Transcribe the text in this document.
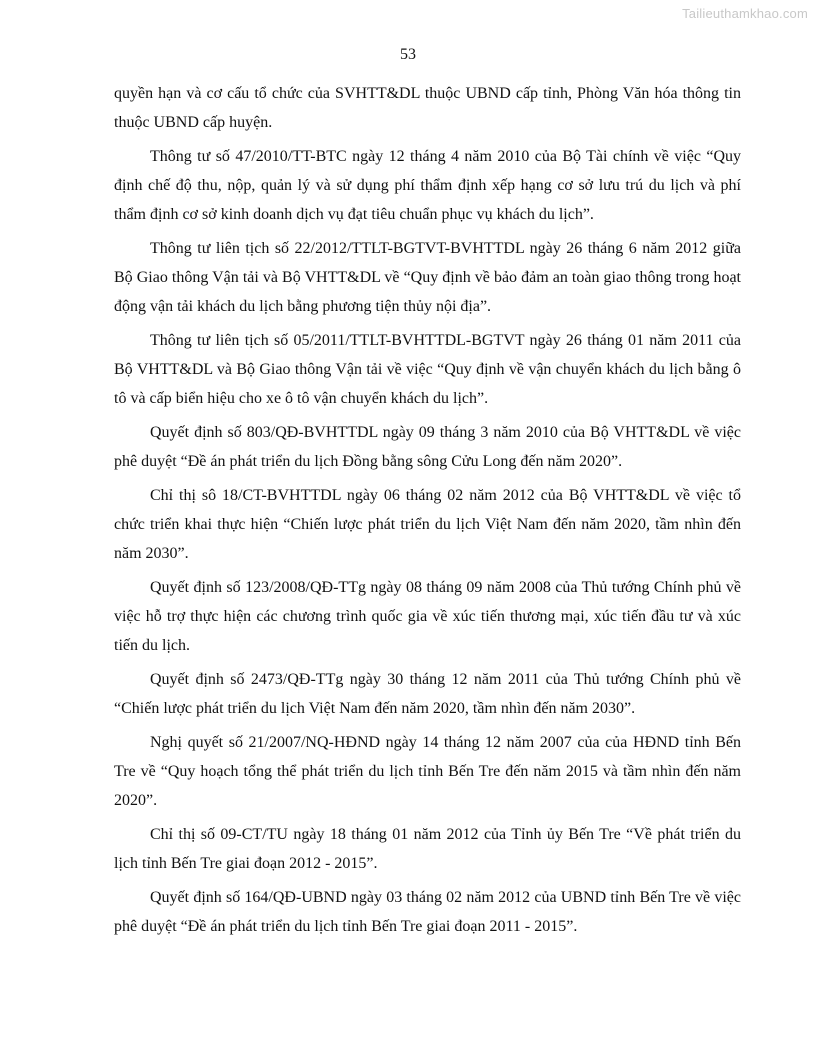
Tailieuthamkhao.com
53

quyền hạn và cơ cấu tổ chức của SVHTT&DL thuộc UBND cấp tỉnh, Phòng Văn hóa thông tin thuộc UBND cấp huyện.

Thông tư số 47/2010/TT-BTC ngày 12 tháng 4 năm 2010 của Bộ Tài chính về việc “Quy định chế độ thu, nộp, quản lý và sử dụng phí thẩm định xếp hạng cơ sở lưu trú du lịch và phí thẩm định cơ sở kinh doanh dịch vụ đạt tiêu chuẩn phục vụ khách du lịch”.

Thông tư liên tịch số 22/2012/TTLT-BGTVT-BVHTTDL ngày 26 tháng 6 năm 2012 giữa Bộ Giao thông Vận tải và Bộ VHTT&DL về “Quy định về bảo đảm an toàn giao thông trong hoạt động vận tải khách du lịch bằng phương tiện thủy nội địa”.

Thông tư liên tịch số 05/2011/TTLT-BVHTTDL-BGTVT ngày 26 tháng 01 năm 2011 của Bộ VHTT&DL và Bộ Giao thông Vận tải về việc “Quy định về vận chuyển khách du lịch bằng ô tô và cấp biển hiệu cho xe ô tô vận chuyển khách du lịch”.

Quyết định số 803/QĐ-BVHTTDL ngày 09 tháng 3 năm 2010 của Bộ VHTT&DL về việc phê duyệt “Đề án phát triển du lịch Đồng bằng sông Cửu Long đến năm 2020”.

Chỉ thị sô 18/CT-BVHTTDL ngày 06 tháng 02 năm 2012 của Bộ VHTT&DL về việc tổ chức triển khai thực hiện “Chiến lược phát triển du lịch Việt Nam đến năm 2020, tầm nhìn đến năm 2030”.

Quyết định số 123/2008/QĐ-TTg ngày 08 tháng 09 năm 2008 của Thủ tướng Chính phủ về việc hỗ trợ thực hiện các chương trình quốc gia về xúc tiến thương mại, xúc tiến đầu tư và xúc tiến du lịch.

Quyết định số 2473/QĐ-TTg ngày 30 tháng 12 năm 2011 của Thủ tướng Chính phủ về “Chiến lược phát triển du lịch Việt Nam đến năm 2020, tầm nhìn đến năm 2030”.

Nghị quyết số 21/2007/NQ-HĐND ngày 14 tháng 12 năm 2007 của của HĐND tỉnh Bến Tre về “Quy hoạch tổng thể phát triển du lịch tỉnh Bến Tre đến năm 2015 và tầm nhìn đến năm 2020”.

Chỉ thị số 09-CT/TU ngày 18 tháng 01 năm 2012 của Tỉnh ủy Bến Tre “Về phát triển du lịch tỉnh Bến Tre giai đoạn 2012 - 2015”.

Quyết định số 164/QĐ-UBND ngày 03 tháng 02 năm 2012 của UBND tỉnh Bến Tre về việc phê duyệt “Đề án phát triển du lịch tỉnh Bến Tre giai đoạn 2011 - 2015”.
